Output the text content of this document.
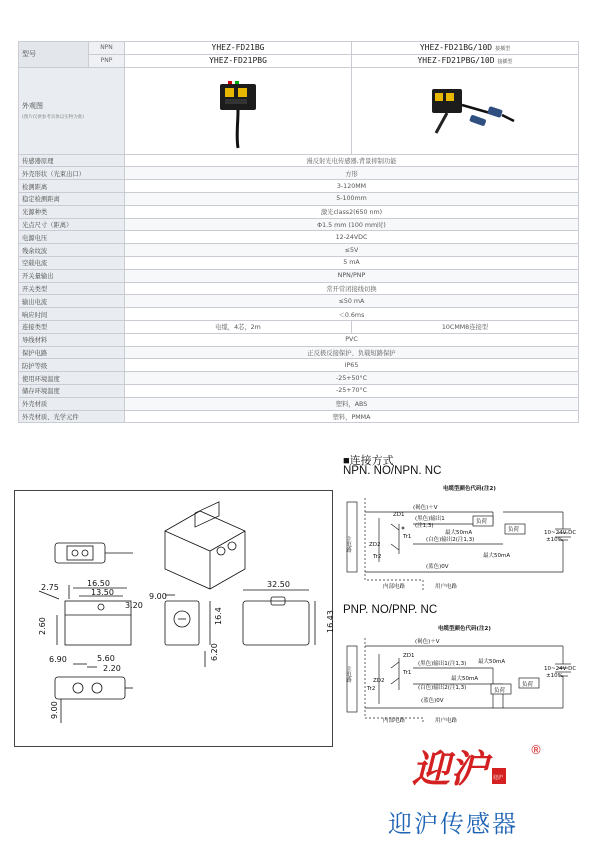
型号	NPN	YHEZ-FD21BG	YHEZ-FD21BG/10D 接插型
	PNP	YHEZ-FD21PBG	YHEZ-FD21PBG/10D 接插型

外观图
(图片仅供参考具体以实物为准)

传感器原理		漫反射光电传感器,背景抑制功能	
外壳形状（光束出口）		方形	
检测距离		3-120MM	
稳定检测距离		5-100mm	
光源种类		激光class2(650 nm)	
光点尺寸（距离）		Φ1.5 mm (100 mm时)	
电源电压		12-24VDC	
残余纹波		≤5V	
空载电流		5 mA	
开关量输出		NPN/PNP	
开关类型		常开常闭接线切换	
输出电流		≤50 mA	
响应时间		＜0.6ms	
连接类型		电缆，4芯，2m	10CMM8连接型
导线材料		PVC	
保护电路		正反极反接保护、负载短路保护	
防护等级		IP65	
使用环境温度		-25+50°C	
储存环境温度		-25+70°C	
外壳材质		塑料，ABS	
外壳材质、光学元件		塑料，PMMA	
■连接方式
NPN. NO/NPN. NC
PNP. NO/PNP. NC
主电路
电缆型颜色代码(注2)
(褐色)＋V
(黑色)输出1
(注1,3)
(白色)输出2(注1,3)
(蓝色)0V
最大50mA
最大50mA
负荷
负荷	10~24V DC
±10%
内部电路	用户电路
ZD1
ZD2
Tr1
Tr2
主电路
电缆型颜色代码(注2)
(褐色)＋V
(黑色)输出1(注1,3)
(白色)输出2(注1,3)
(蓝色)0V
最大50mA
最大50mA
负荷
负荷
10~24V DC
±10%
内部电路	用户电路
ZD1
ZD2
Tr1
Tr2
2.75	16.50
13.50
3.20
2.60
9.00
16.4
6.20
32.50
16.43
6.90	5.60
2.20
9.00
迎沪 迎沪
®
迎沪传感器
